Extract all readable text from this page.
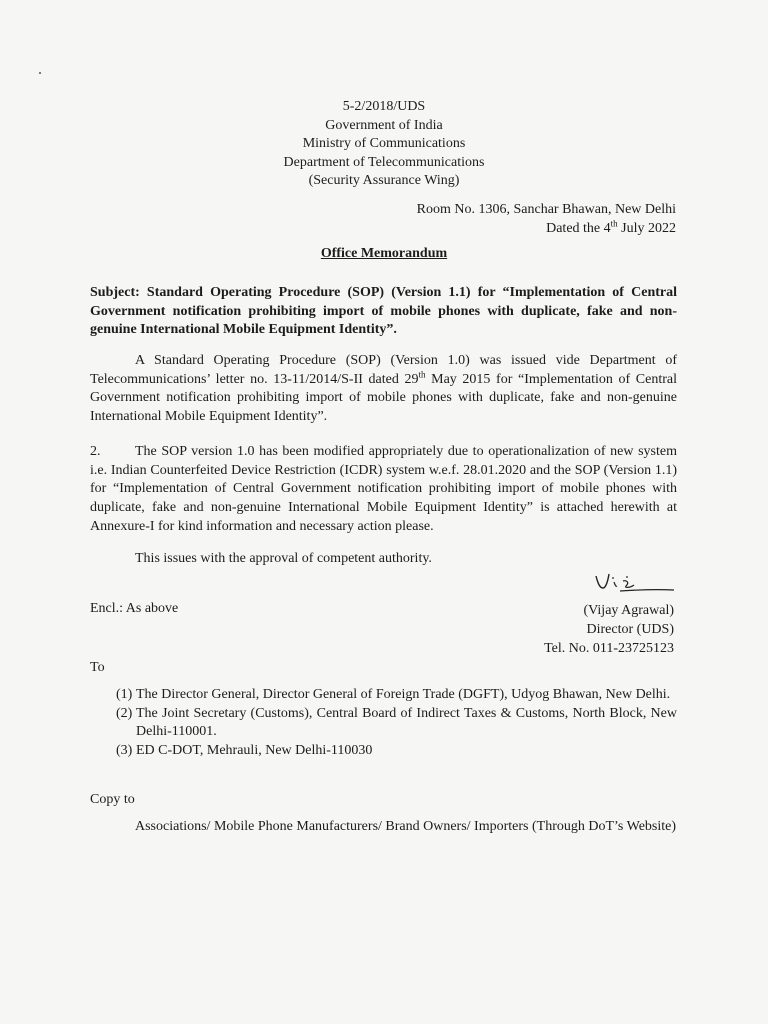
5-2/2018/UDS
Government of India
Ministry of Communications
Department of Telecommunications
(Security Assurance Wing)
Room No. 1306, Sanchar Bhawan, New Delhi
Dated the 4th July 2022
Office Memorandum
Subject: Standard Operating Procedure (SOP) (Version 1.1) for “Implementation of Central Government notification prohibiting import of mobile phones with duplicate, fake and non-genuine International Mobile Equipment Identity”.
A Standard Operating Procedure (SOP) (Version 1.0) was issued vide Department of Telecommunications’ letter no. 13-11/2014/S-II dated 29th May 2015 for “Implementation of Central Government notification prohibiting import of mobile phones with duplicate, fake and non-genuine International Mobile Equipment Identity”.
2. The SOP version 1.0 has been modified appropriately due to operationalization of new system i.e. Indian Counterfeited Device Restriction (ICDR) system w.e.f. 28.01.2020 and the SOP (Version 1.1) for “Implementation of Central Government notification prohibiting import of mobile phones with duplicate, fake and non-genuine International Mobile Equipment Identity” is attached herewith at Annexure-I for kind information and necessary action please.
This issues with the approval of competent authority.
Encl.: As above	(Vijay Agrawal)
Director (UDS)
Tel. No. 011-23725123
To
(1) The Director General, Director General of Foreign Trade (DGFT), Udyog Bhawan, New Delhi.
(2) The Joint Secretary (Customs), Central Board of Indirect Taxes & Customs, North Block, New Delhi-110001.
(3) ED C-DOT, Mehrauli, New Delhi-110030
Copy to
Associations/ Mobile Phone Manufacturers/ Brand Owners/ Importers (Through DoT’s Website)
